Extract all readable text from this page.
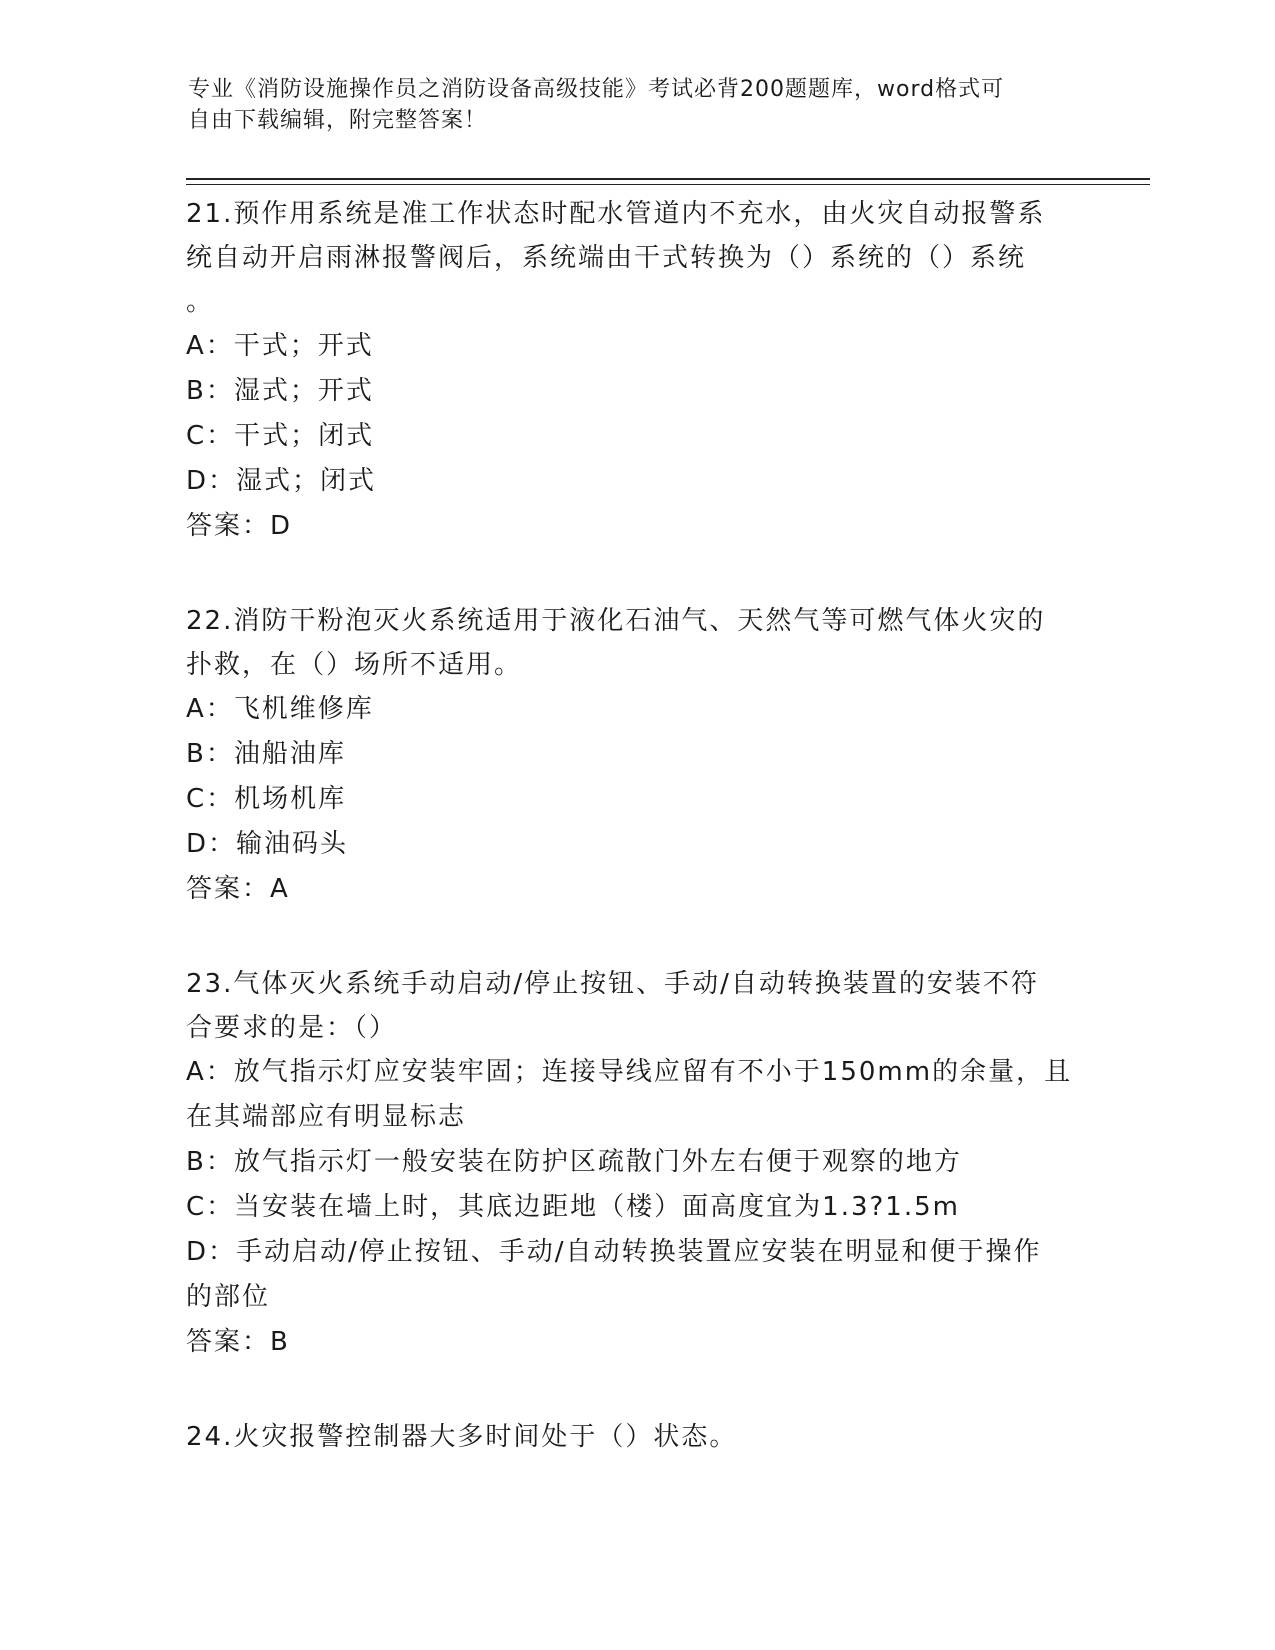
专业《消防设施操作员之消防设备高级技能》考试必背200题题库，word格式可
自由下载编辑，附完整答案！

21.预作用系统是准工作状态时配水管道内不充水，由火灾自动报警系

统自动开启雨淋报警阀后，系统端由干式转换为（）系统的（）系统

。

A：干式；开式

B：湿式；开式

C：干式；闭式

D：湿式；闭式

答案：D

22.消防干粉泡灭火系统适用于液化石油气、天然气等可燃气体火灾的

扑救，在（）场所不适用。

A：飞机维修库

B：油船油库

C：机场机库

D：输油码头

答案：A

23.气体灭火系统手动启动/停止按钮、手动/自动转换装置的安装不符

合要求的是：（）

A：放气指示灯应安装牢固；连接导线应留有不小于150mm的余量，且

在其端部应有明显标志

B：放气指示灯一般安装在防护区疏散门外左右便于观察的地方

C：当安装在墙上时，其底边距地（楼）面高度宜为1.3?1.5m

D：手动启动/停止按钮、手动/自动转换装置应安装在明显和便于操作

的部位

答案：B

24.火灾报警控制器大多时间处于（）状态。
